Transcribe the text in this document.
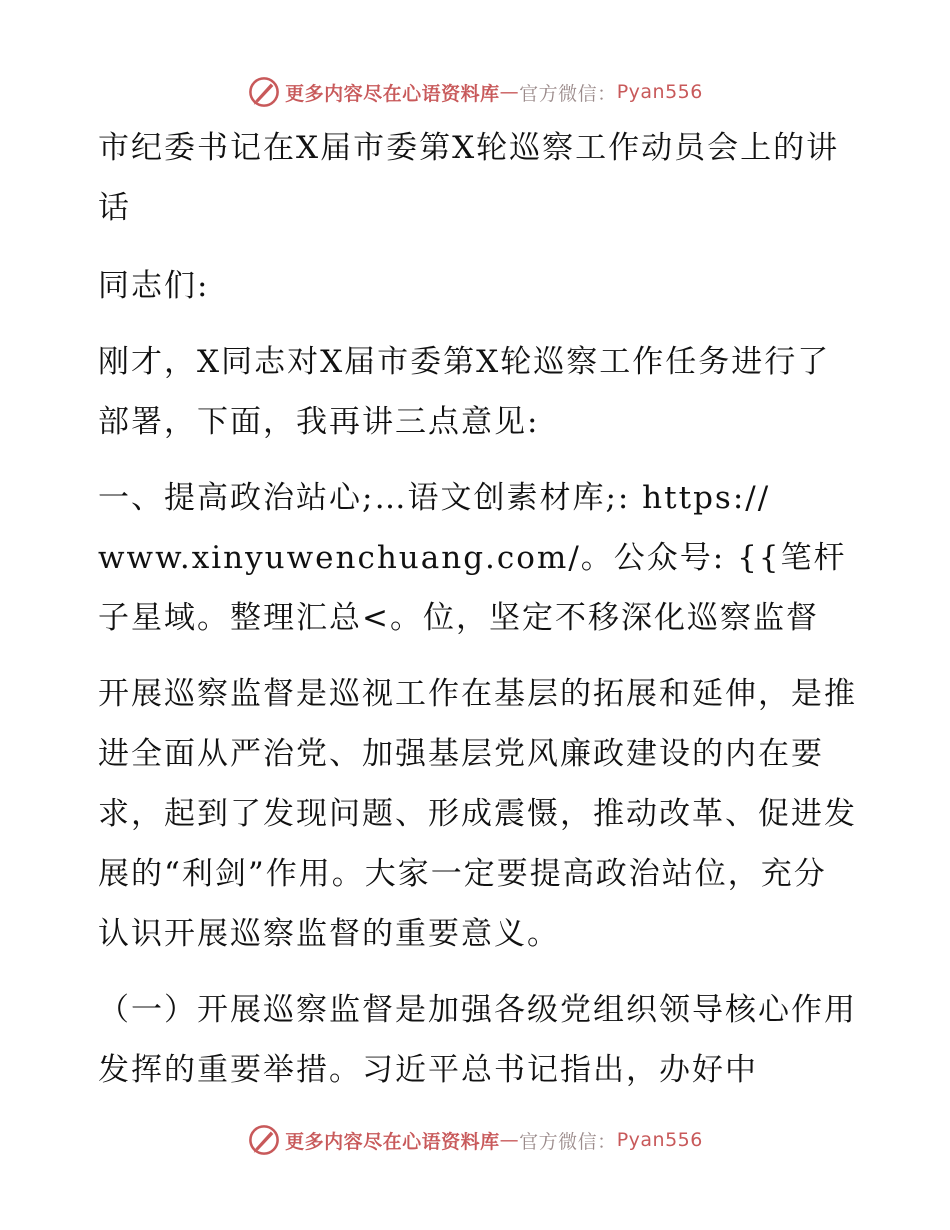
更多内容尽在心语资料库 — 官方微信： Pyan556

市纪委书记在X届市委第X轮巡察工作动员会上的讲话

同志们:

刚才，X同志对X届市委第X轮巡察工作任务进行了部署，下面，我再讲三点意见:

一、提高政治站心;…语文创素材库;: https:// www.xinyuwenchuang.com/。公众号: {{笔杆子星域。整理汇总<。位，坚定不移深化巡察监督

开展巡察监督是巡视工作在基层的拓展和延伸，是推进全面从严治党、加强基层党风廉政建设的内在要求，起到了发现问题、形成震慑，推动改革、促进发展的“利剑”作用。大家一定要提高政治站位，充分认识开展巡察监督的重要意义。

（一）开展巡察监督是加强各级党组织领导核心作用发挥的重要举措。习近平总书记指出，办好中

更多内容尽在心语资料库 — 官方微信： Pyan556
